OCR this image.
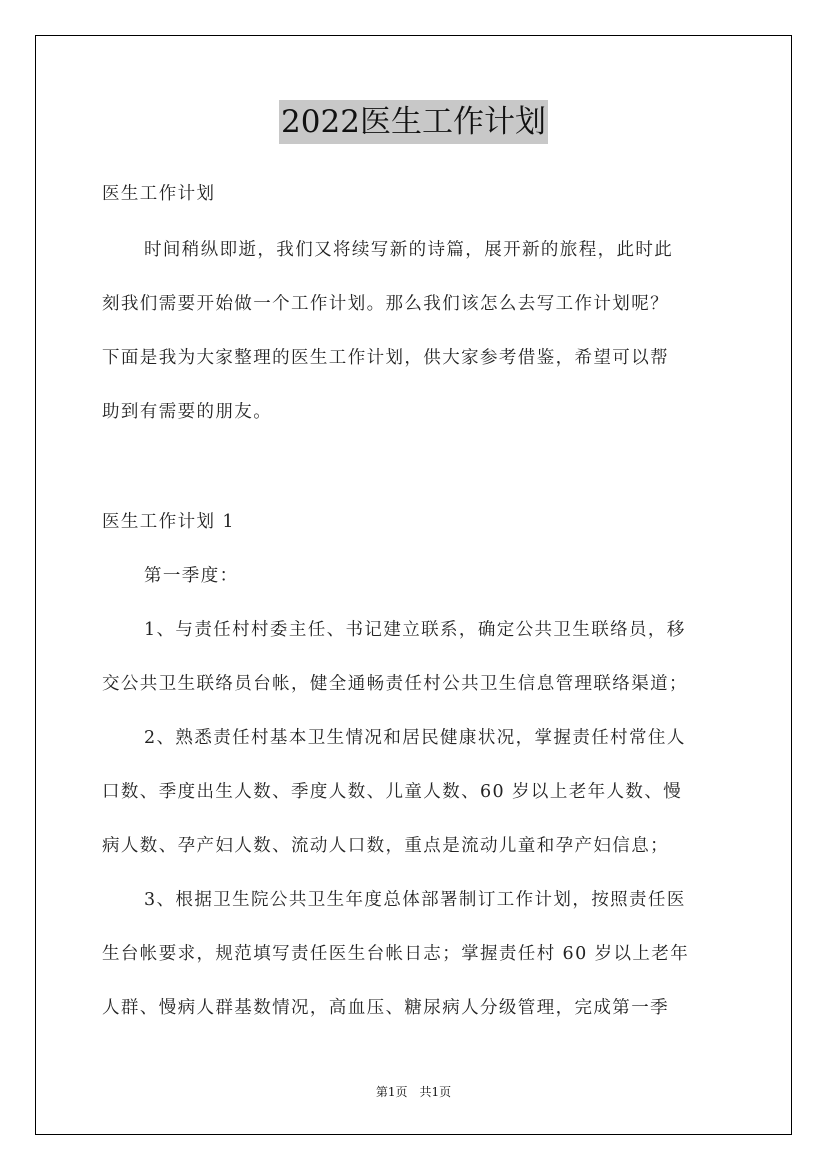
2022医生工作计划
医生工作计划
时间稍纵即逝，我们又将续写新的诗篇，展开新的旅程，此时此
刻我们需要开始做一个工作计划。那么我们该怎么去写工作计划呢？
下面是我为大家整理的医生工作计划，供大家参考借鉴，希望可以帮
助到有需要的朋友。
医生工作计划 1
第一季度：
1、与责任村村委主任、书记建立联系，确定公共卫生联络员，移
交公共卫生联络员台帐，健全通畅责任村公共卫生信息管理联络渠道；
2、熟悉责任村基本卫生情况和居民健康状况，掌握责任村常住人
口数、季度出生人数、季度人数、儿童人数、60 岁以上老年人数、慢
病人数、孕产妇人数、流动人口数，重点是流动儿童和孕产妇信息；
3、根据卫生院公共卫生年度总体部署制订工作计划，按照责任医
生台帐要求，规范填写责任医生台帐日志；掌握责任村 60 岁以上老年
人群、慢病人群基数情况，高血压、糖尿病人分级管理，完成第一季
第1页　共1页
